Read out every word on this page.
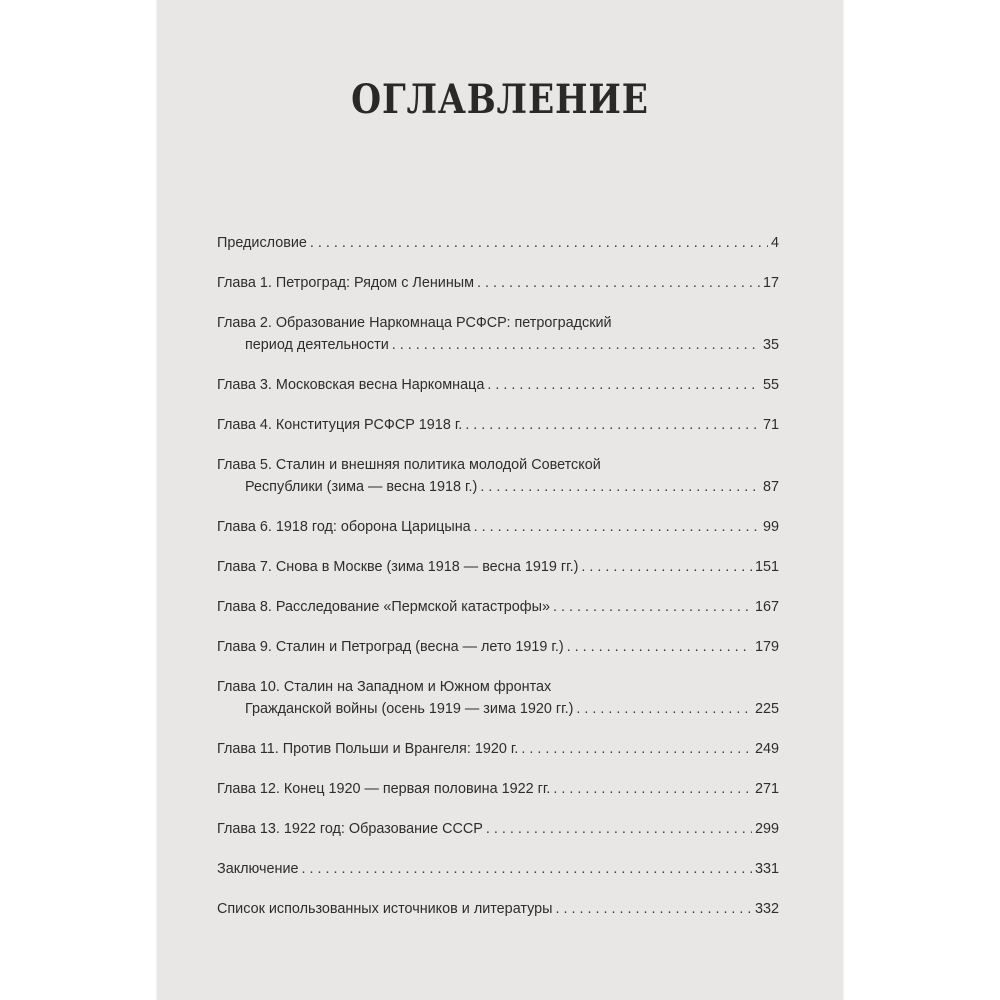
ОГЛАВЛЕНИЕ
Предисловие . . .	4
Глава 1. Петроград: Рядом с Лениным . . .	17
Глава 2. Образование Наркомнаца РСФСР: петроградский
период деятельности . . .	35
Глава 3. Московская весна Наркомнаца . . .	55
Глава 4. Конституция РСФСР 1918 г. . . .	71
Глава 5. Сталин и внешняя политика молодой Советской
Республики (зима — весна 1918 г.) . . .	87
Глава 6. 1918 год: оборона Царицына . . .	99
Глава 7. Снова в Москве (зима 1918 — весна 1919 гг.) . . .	151
Глава 8. Расследование «Пермской катастрофы» . . .	167
Глава 9. Сталин и Петроград (весна — лето 1919 г.) . . .	179
Глава 10. Сталин на Западном и Южном фронтах
Гражданской войны (осень 1919 — зима 1920 гг.) . . .	225
Глава 11. Против Польши и Врангеля: 1920 г. . . .	249
Глава 12. Конец 1920 — первая половина 1922 гг. . . .	271
Глава 13. 1922 год: Образование СССР . . .	299
Заключение . . .	331
Список использованных источников и литературы . . .	332
